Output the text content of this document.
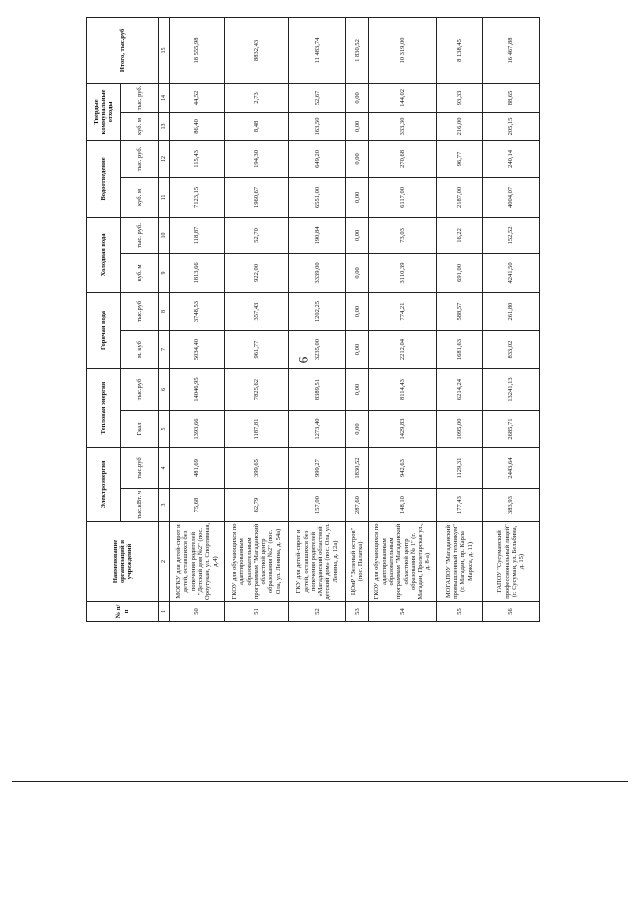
6
№ п/п	Наименование организаций и учреждений	Электроэнергия		Тепловая энергия		Горячая вода		Холодная вода		Водоотведение		Твердые коммунальные отходы		Итого, тыс.руб
		тыс.кВт. ч	тыс.руб	Гкал	тыс.руб	м. куб	тыс.руб	куб. м	тыс. руб.	куб. м	тыс. руб.	куб. м	тыс. руб.	
1	2	3	4	5	6	7	8	9	10	11	12	13	14	15
50	МОГКУ для детей-сирот и детей, оставшихся без попечения родителей "Детский дом №2" (пос. Ороутукан, ул. Спортивная, д.4)	75,68	481,69	1393,66	14046,95	5034,40	3748,53	1813,66	118,87	7123,15	115,43	86,40	44,52	18 555,98
51	ГКОУ для обучающихся по адаптированным образовательным программам "Магаданский областной центр образования №2" (пос. Ола, ул. Ленина, д. 54а)	62,79	399,65	1187,81	7825,62	961,77	357,43	922,00	52,70	1960,67	194,30	8,48	2,73	8832,43
52	ГКУ для детей-сирот и детей, оставшихся без попечения родителей «Магаданский областной детский дом» (пос. Ола, ул. Ленина, д. 12а)	157,00	999,27	1273,40	8389,51	3235,00	1202,25	3339,00	190,84	6551,00	649,20	163,50	52,67	11 483,74
53	ЦОиР "Зеленый остров" (пос. Палатка)	287,60	1830,52	0,00	0,00	0,00	0,00	0,00	0,00	0,00	0,00	0,00	0,00	1 830,52
54	ГКОУ для обучающихся по адаптированным образовательным программам "Магаданский областной центр образования № 1" (г. Магадан, Пролетарская ул., д. 8-а)	148,10	942,63	1429,83	8114,43	2212,04	774,21	3110,39	73,03	6117,00	270,68	333,30	144,02	10 319,00
55	МОГАПОУ "Магаданский промышленный техникум" (г. Магадан, пр. Карла Маркса, д. 11)	177,43	1129,31	1095,00	6214,24	1681,63	588,57	691,00	16,22	2187,00	96,77	216,00	93,33	8 138,45
56	ГАПОУ "Сусуманский профессиональный лицей" (г. Сусуман, ул. Бельбина, д. 15)	383,93	2443,64	2685,71	13241,13	833,02	261,80	4241,50	152,52	4004,07	240,14	205,15	88,65	16 467,88
